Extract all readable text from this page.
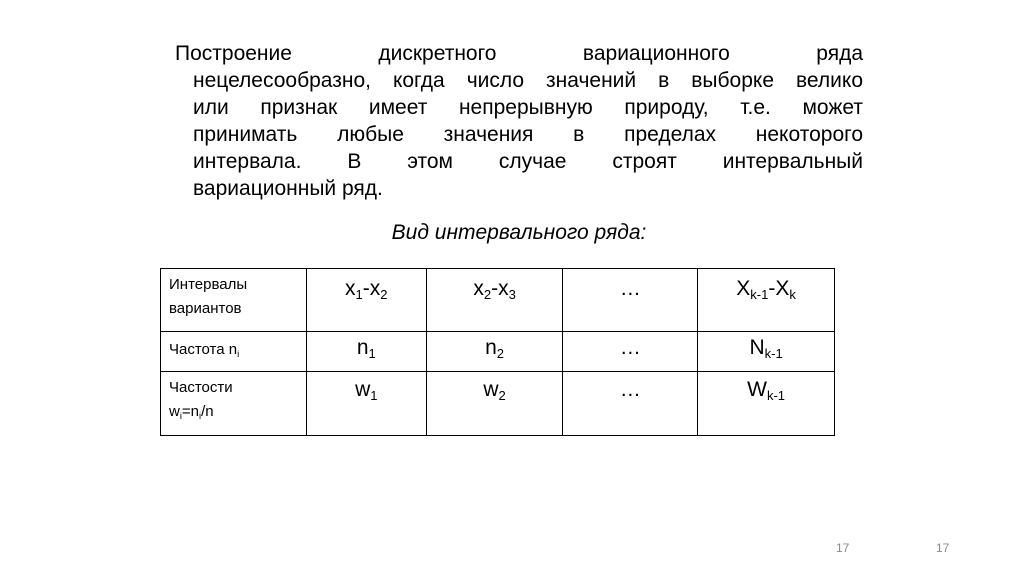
Построение дискретного вариационного ряда
нецелесообразно, когда число значений в выборке велико
или признак имеет непрерывную природу, т.е. может
принимать любые значения в пределах некоторого
интервала. В этом случае строят интервальный
вариационный ряд.
Вид интервального ряда:
Интервалы
вариантов	$x_1-x_2$	$x_2-x_3$	…	$X_{k-1}-X_k$

Частота $n_i$	$n_1$	$n_2$	…	$N_{k-1}$

Частости
$w_i=n_i/n$	$w_1$	$w_2$	…	$W_{k-1}$
17	17
